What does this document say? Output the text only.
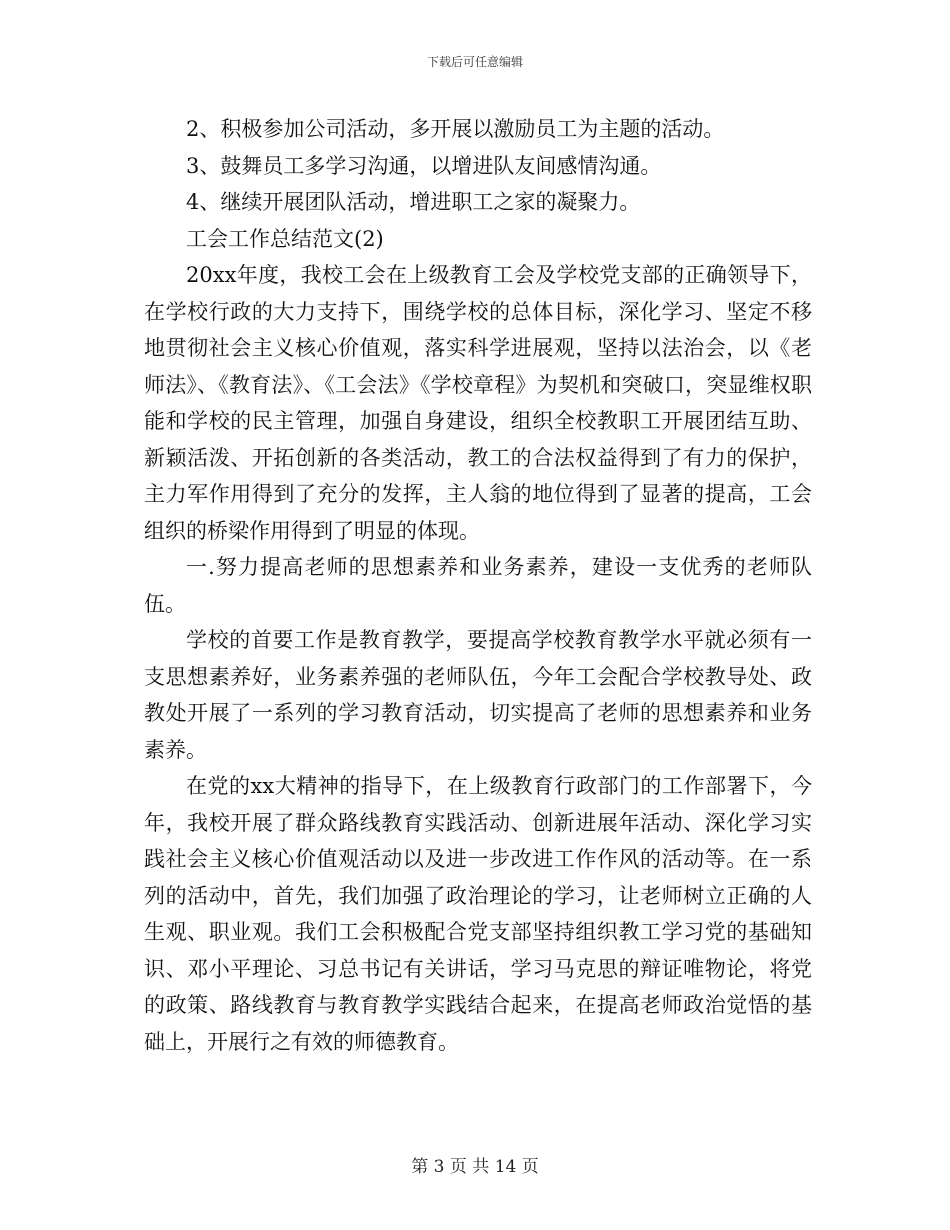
下载后可任意编辑

2、积极参加公司活动，多开展以激励员工为主题的活动。

3、鼓舞员工多学习沟通，以增进队友间感情沟通。

4、继续开展团队活动，增进职工之家的凝聚力。

工会工作总结范文(2)

20xx年度，我校工会在上级教育工会及学校党支部的正确领导下，在学校行政的大力支持下，围绕学校的总体目标，深化学习、坚定不移地贯彻社会主义核心价值观，落实科学进展观，坚持以法治会，以《老师法》、《教育法》、《工会法》《学校章程》为契机和突破口，突显维权职能和学校的民主管理，加强自身建设，组织全校教职工开展团结互助、新颖活泼、开拓创新的各类活动，教工的合法权益得到了有力的保护，主力军作用得到了充分的发挥，主人翁的地位得到了显著的提高，工会组织的桥梁作用得到了明显的体现。

一.努力提高老师的思想素养和业务素养，建设一支优秀的老师队伍。

学校的首要工作是教育教学，要提高学校教育教学水平就必须有一支思想素养好，业务素养强的老师队伍，今年工会配合学校教导处、政教处开展了一系列的学习教育活动，切实提高了老师的思想素养和业务素养。

在党的xx大精神的指导下，在上级教育行政部门的工作部署下，今年，我校开展了群众路线教育实践活动、创新进展年活动、深化学习实践社会主义核心价值观活动以及进一步改进工作作风的活动等。在一系列的活动中，首先，我们加强了政治理论的学习，让老师树立正确的人生观、职业观。我们工会积极配合党支部坚持组织教工学习党的基础知识、邓小平理论、习总书记有关讲话，学习马克思的辩证唯物论，将党的政策、路线教育与教育教学实践结合起来，在提高老师政治觉悟的基础上，开展行之有效的师德教育。

第 3 页 共 14 页
